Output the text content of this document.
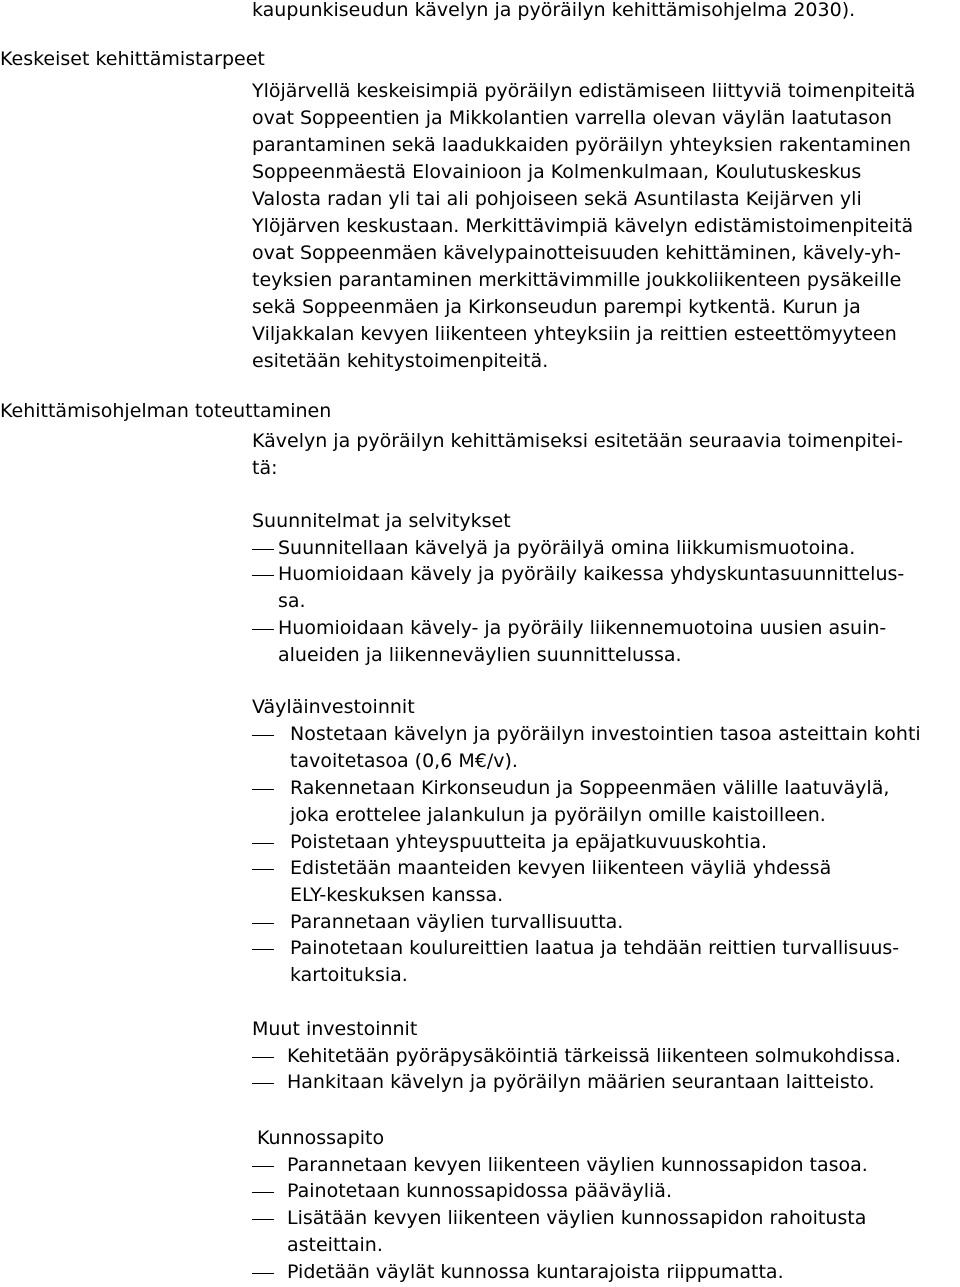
kaupunkiseudun kävelyn ja pyöräilyn kehittämisohjelma 2030).
Keskeiset kehittämistarpeet
Ylöjärvellä keskeisimpiä pyöräilyn edistämiseen liittyviä toimenpiteitä
ovat Soppeentien ja Mikkolantien varrella olevan väylän laatutason
parantaminen sekä laadukkaiden pyöräilyn yhteyksien rakentaminen
Soppeenmäestä Elovainioon ja Kolmenkulmaan, Koulutuskeskus
Valosta radan yli tai ali pohjoiseen sekä Asuntilasta Keijärven yli
Ylöjärven keskustaan. Merkittävimpiä kävelyn edistämistoimenpiteitä
ovat Soppeenmäen kävelypainotteisuuden kehittäminen, kävely-yh-
teyksien parantaminen merkittävimmille joukkoliikenteen pysäkeille
sekä Soppeenmäen ja Kirkonseudun parempi kytkentä. Kurun ja
Viljakkalan kevyen liikenteen yhteyksiin ja reittien esteettömyyteen
esitetään kehitystoimenpiteitä.
Kehittämisohjelman toteuttaminen
Kävelyn ja pyöräilyn kehittämiseksi esitetään seuraavia toimenpitei-
tä:
Suunnitelmat ja selvitykset
Suunnitellaan kävelyä ja pyöräilyä omina liikkumismuotoina.
Huomioidaan kävely ja pyöräily kaikessa yhdyskuntasuunnittelus-
sa.
Huomioidaan kävely- ja pyöräily liikennemuotoina uusien asuin-
alueiden ja liikenneväylien suunnittelussa.
Väyläinvestoinnit
Nostetaan kävelyn ja pyöräilyn investointien tasoa asteittain kohti
tavoitetasoa (0,6 M€/v).
Rakennetaan Kirkonseudun ja Soppeenmäen välille laatuväylä,
joka erottelee jalankulun ja pyöräilyn omille kaistoilleen.
Poistetaan yhteyspuutteita ja epäjatkuvuuskohtia.
Edistetään maanteiden kevyen liikenteen väyliä yhdessä
ELY-keskuksen kanssa.
Parannetaan väylien turvallisuutta.
Painotetaan koulureittien laatua ja tehdään reittien turvallisuus-
kartoituksia.
Muut investoinnit
Kehitetään pyöräpysäköintiä tärkeissä liikenteen solmukohdissa.
Hankitaan kävelyn ja pyöräilyn määrien seurantaan laitteisto.
Kunnossapito
Parannetaan kevyen liikenteen väylien kunnossapidon tasoa.
Painotetaan kunnossapidossa pääväyliä.
Lisätään kevyen liikenteen väylien kunnossapidon rahoitusta
asteittain.
Pidetään väylät kunnossa kuntarajoista riippumatta.
